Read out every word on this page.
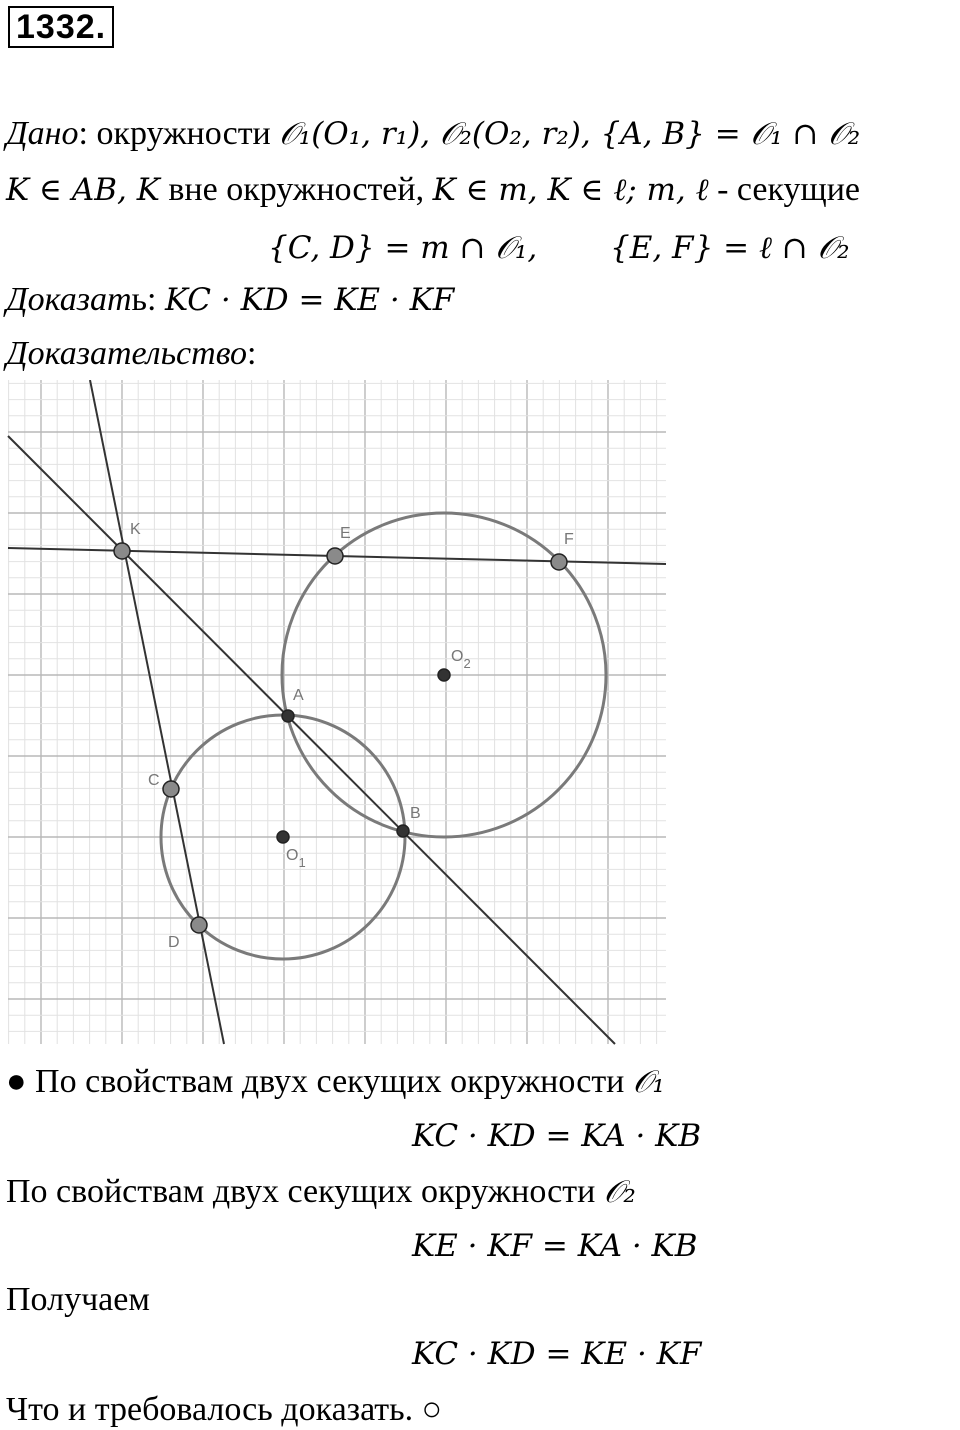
1332.
Дано: окружности 𝒪₁(O₁, r₁), 𝒪₂(O₂, r₂), {A, B} = 𝒪₁ ∩ 𝒪₂
K ∈ AB, K вне окружностей, K ∈ m, K ∈ ℓ; m, ℓ - секущие
{C, D} = m ∩ 𝒪₁, {E, F} = ℓ ∩ 𝒪₂
Доказать: KC · KD = KE · KF
Доказательство:
K	E	F
$O_2$
A
B
C
$O_1$
D
● По свойствам двух секущих окружности 𝒪₁
KC · KD = KA · KB
По свойствам двух секущих окружности 𝒪₂
KE · KF = KA · KB
Получаем
KC · KD = KE · KF
Что и требовалось доказать. ○
